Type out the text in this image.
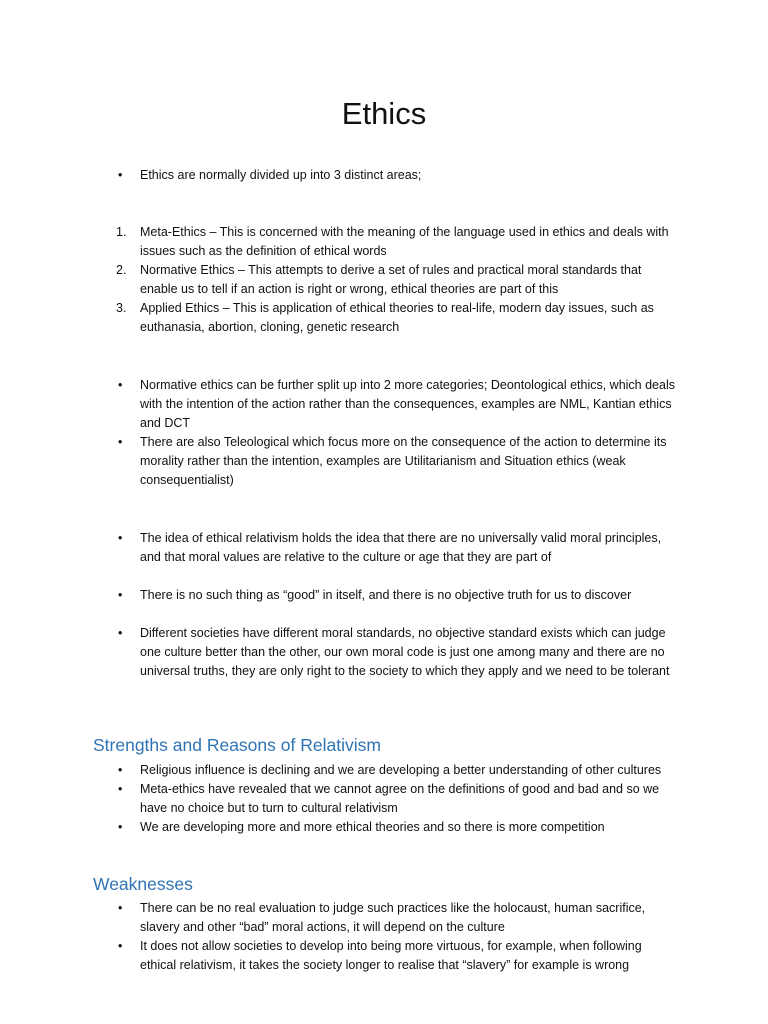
Ethics
• Ethics are normally divided up into 3 distinct areas;
1. Meta-Ethics – This is concerned with the meaning of the language used in ethics and deals with issues such as the definition of ethical words
2. Normative Ethics – This attempts to derive a set of rules and practical moral standards that enable us to tell if an action is right or wrong, ethical theories are part of this
3. Applied Ethics – This is application of ethical theories to real-life, modern day issues, such as euthanasia, abortion, cloning, genetic research
• Normative ethics can be further split up into 2 more categories; Deontological ethics, which deals with the intention of the action rather than the consequences, examples are NML, Kantian ethics and DCT
• There are also Teleological which focus more on the consequence of the action to determine its morality rather than the intention, examples are Utilitarianism and Situation ethics (weak consequentialist)
• The idea of ethical relativism holds the idea that there are no universally valid moral principles, and that moral values are relative to the culture or age that they are part of
• There is no such thing as “good” in itself, and there is no objective truth for us to discover
• Different societies have different moral standards, no objective standard exists which can judge one culture better than the other, our own moral code is just one among many and there are no universal truths, they are only right to the society to which they apply and we need to be tolerant
Strengths and Reasons of Relativism
• Religious influence is declining and we are developing a better understanding of other cultures
• Meta-ethics have revealed that we cannot agree on the definitions of good and bad and so we have no choice but to turn to cultural relativism
• We are developing more and more ethical theories and so there is more competition
Weaknesses
• There can be no real evaluation to judge such practices like the holocaust, human sacrifice, slavery and other “bad” moral actions, it will depend on the culture
• It does not allow societies to develop into being more virtuous, for example, when following ethical relativism, it takes the society longer to realise that “slavery” for example is wrong
